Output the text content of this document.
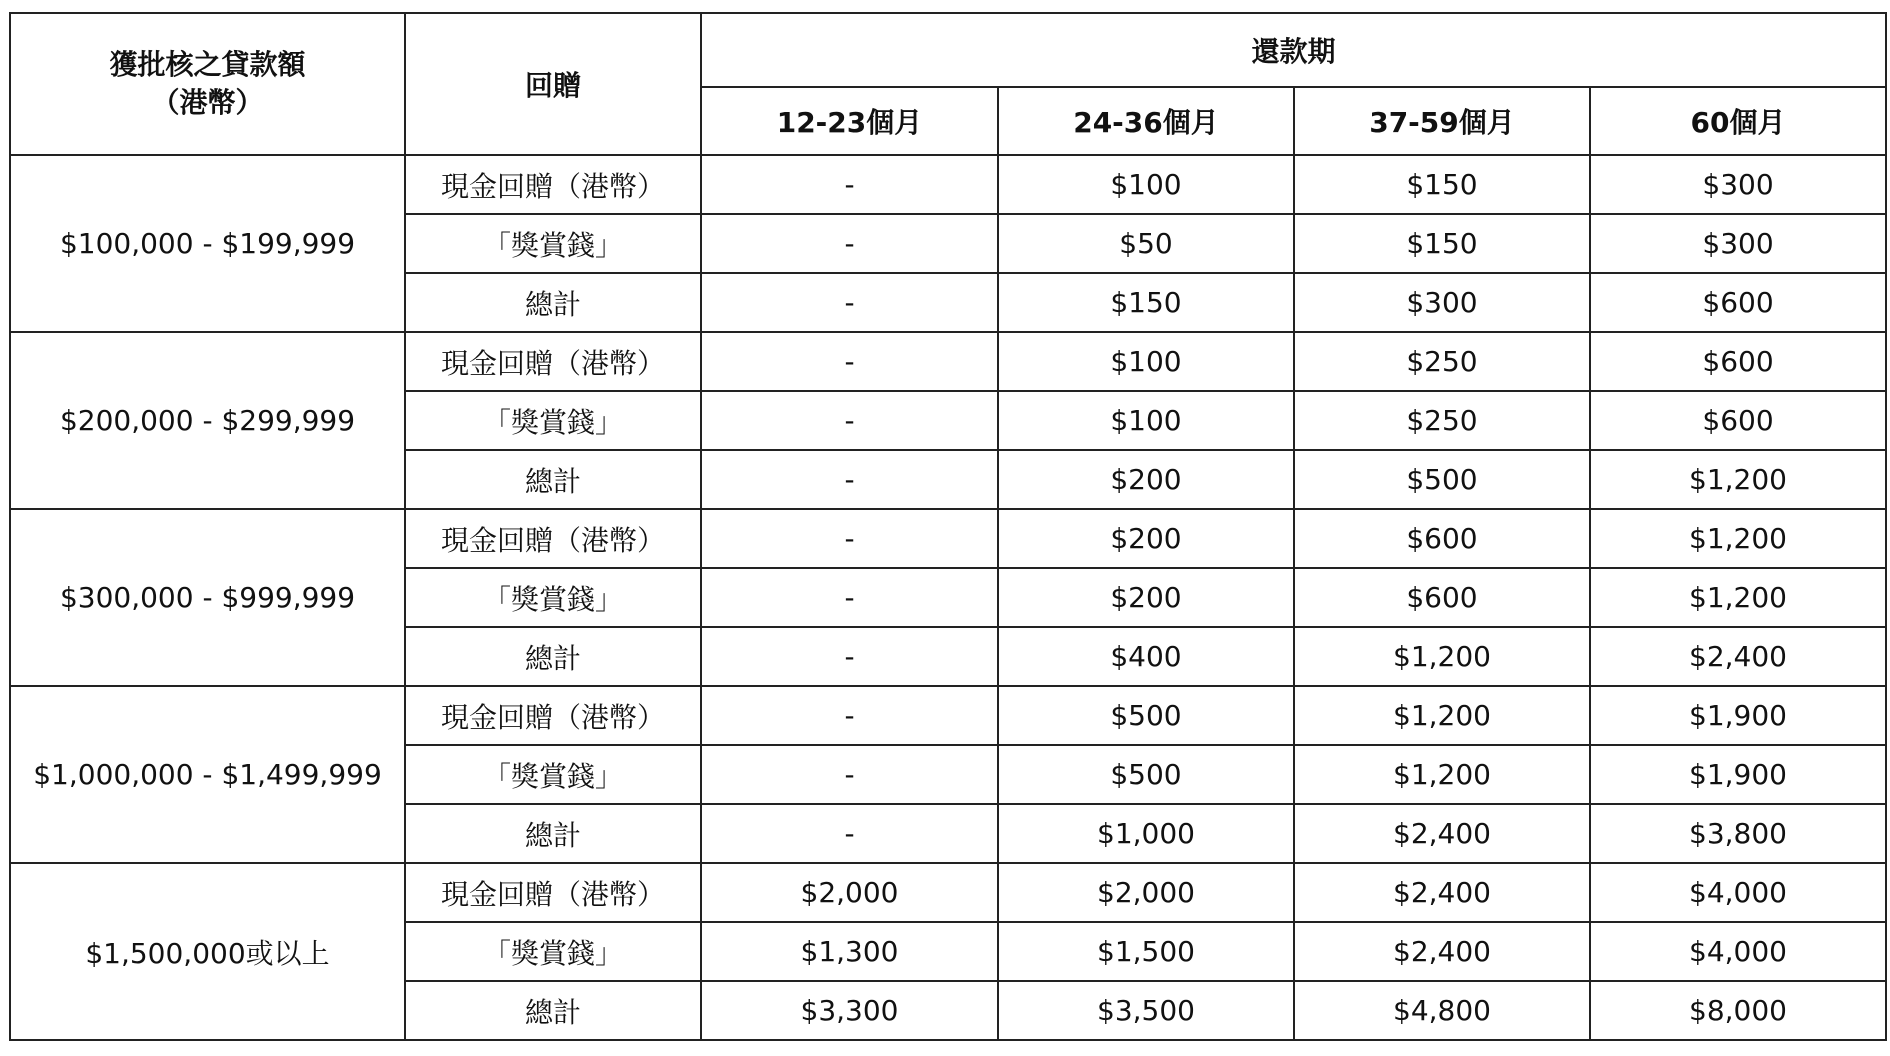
獲批核之貸款額
（港幣）	回贈	還款期			
		12-23個月	24-36個月	37-59個月	60個月
$100,000 - $199,999	現金回贈（港幣）	-	$100	$150	$300
	「獎賞錢」	-	$50	$150	$300
	總計	-	$150	$300	$600
$200,000 - $299,999	現金回贈（港幣）	-	$100	$250	$600
	「獎賞錢」	-	$100	$250	$600
	總計	-	$200	$500	$1,200
$300,000 - $999,999	現金回贈（港幣）	-	$200	$600	$1,200
	「獎賞錢」	-	$200	$600	$1,200
	總計	-	$400	$1,200	$2,400
$1,000,000 - $1,499,999	現金回贈（港幣）	-	$500	$1,200	$1,900
	「獎賞錢」	-	$500	$1,200	$1,900
	總計	-	$1,000	$2,400	$3,800
$1,500,000或以上	現金回贈（港幣）	$2,000	$2,000	$2,400	$4,000
	「獎賞錢」	$1,300	$1,500	$2,400	$4,000
	總計	$3,300	$3,500	$4,800	$8,000
